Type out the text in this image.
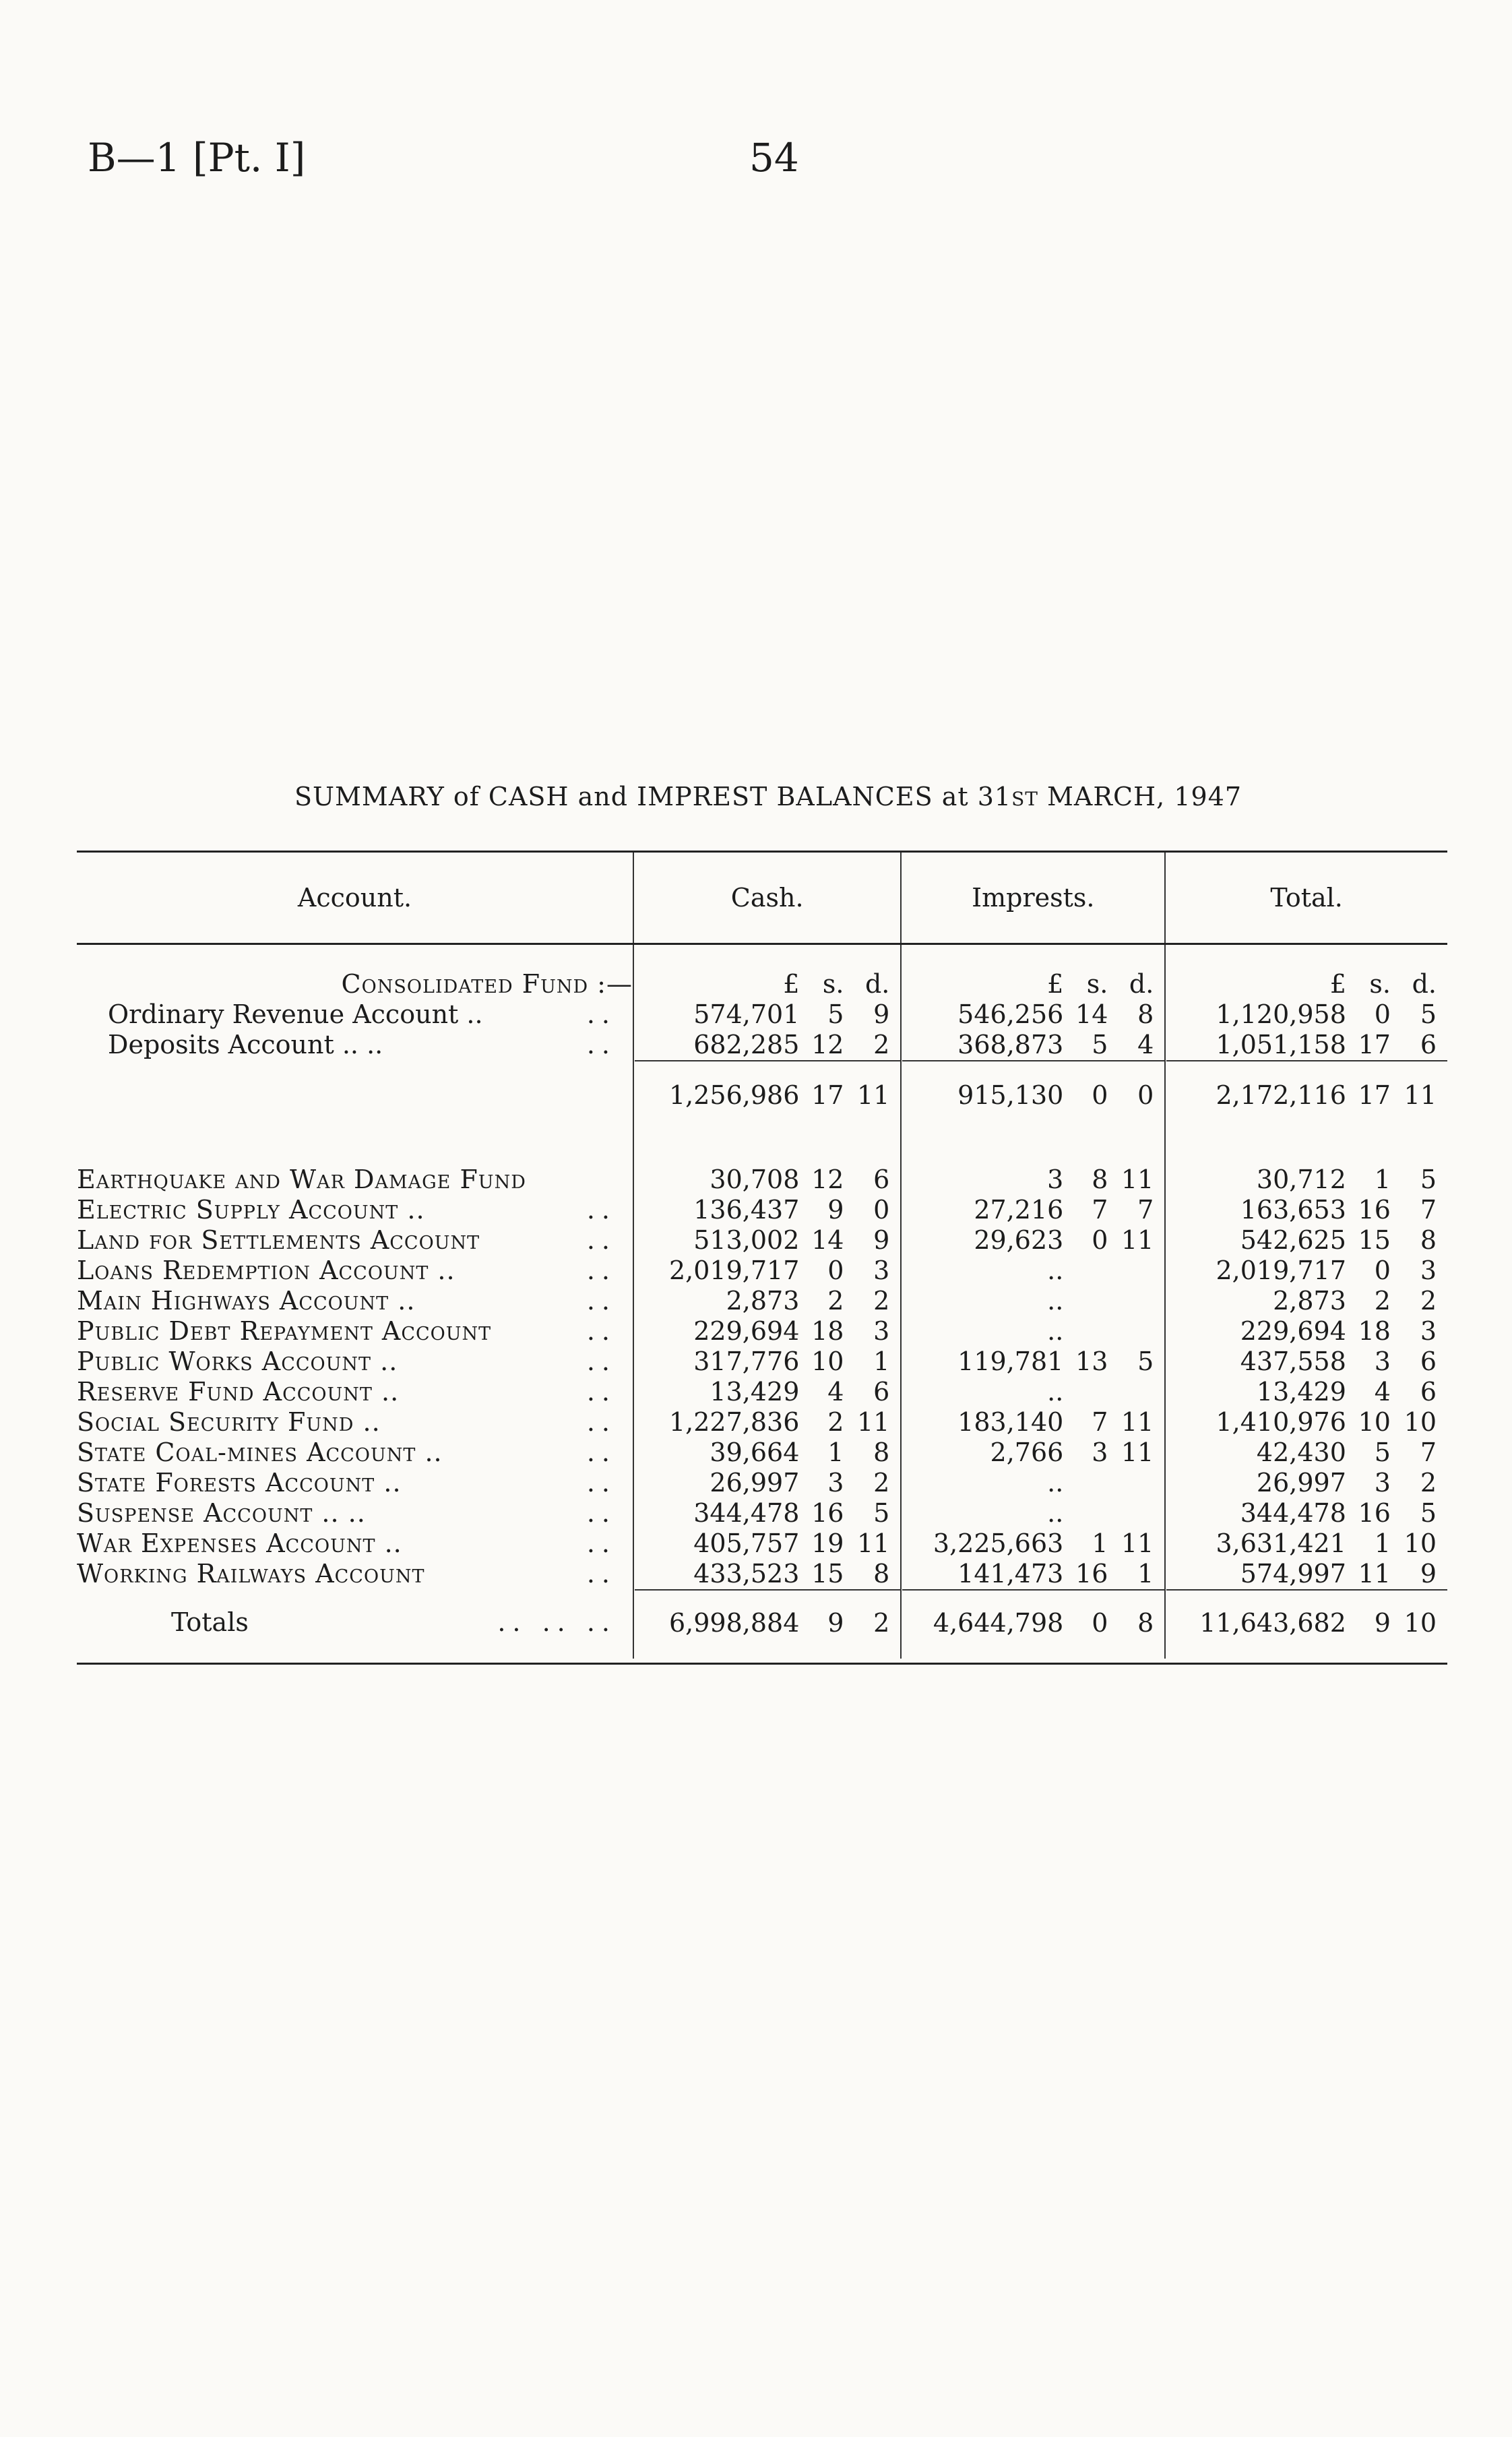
B—1 [Pt. I]	54
SUMMARY of CASH and IMPREST BALANCES at 31ST MARCH, 1947
Account.	Cash.				Imprests.				Total.			

Consolidated Fund :—		£	s.	d.		£	s.	d.		£	s.	d.
Ordinary Revenue Account .. ..		574,701	5	9		546,256	14	8		1,120,958	0	5
Deposits Account .. .. ..		682,285	12	2		368,873	5	4		1,051,158	17	6
		1,256,986	17	11		915,130	0	0		2,172,116	17	11

Earthquake and War Damage Fund		30,708	12	6		3	8	11		30,712	1	5
Electric Supply Account .. ..		136,437	9	0		27,216	7	7		163,653	16	7
Land for Settlements Account ..		513,002	14	9		29,623	0	11		542,625	15	8
Loans Redemption Account .. ..		2,019,717	0	3		..				2,019,717	0	3
Main Highways Account .. ..		2,873	2	2		..				2,873	2	2
Public Debt Repayment Account ..		229,694	18	3		..				229,694	18	3
Public Works Account .. ..		317,776	10	1		119,781	13	5		437,558	3	6
Reserve Fund Account .. ..		13,429	4	6		..				13,429	4	6
Social Security Fund .. ..		1,227,836	2	11		183,140	7	11		1,410,976	10	10
State Coal-mines Account .. ..		39,664	1	8		2,766	3	11		42,430	5	7
State Forests Account .. ..		26,997	3	2		..				26,997	3	2
Suspense Account .. .. ..		344,478	16	5		..				344,478	16	5
War Expenses Account .. ..		405,757	19	11		3,225,663	1	11		3,631,421	1	10
Working Railways Account ..		433,523	15	8		141,473	16	1		574,997	11	9
Totals .. .. ..		6,998,884	9	2		4,644,798	0	8		11,643,682	9	10
